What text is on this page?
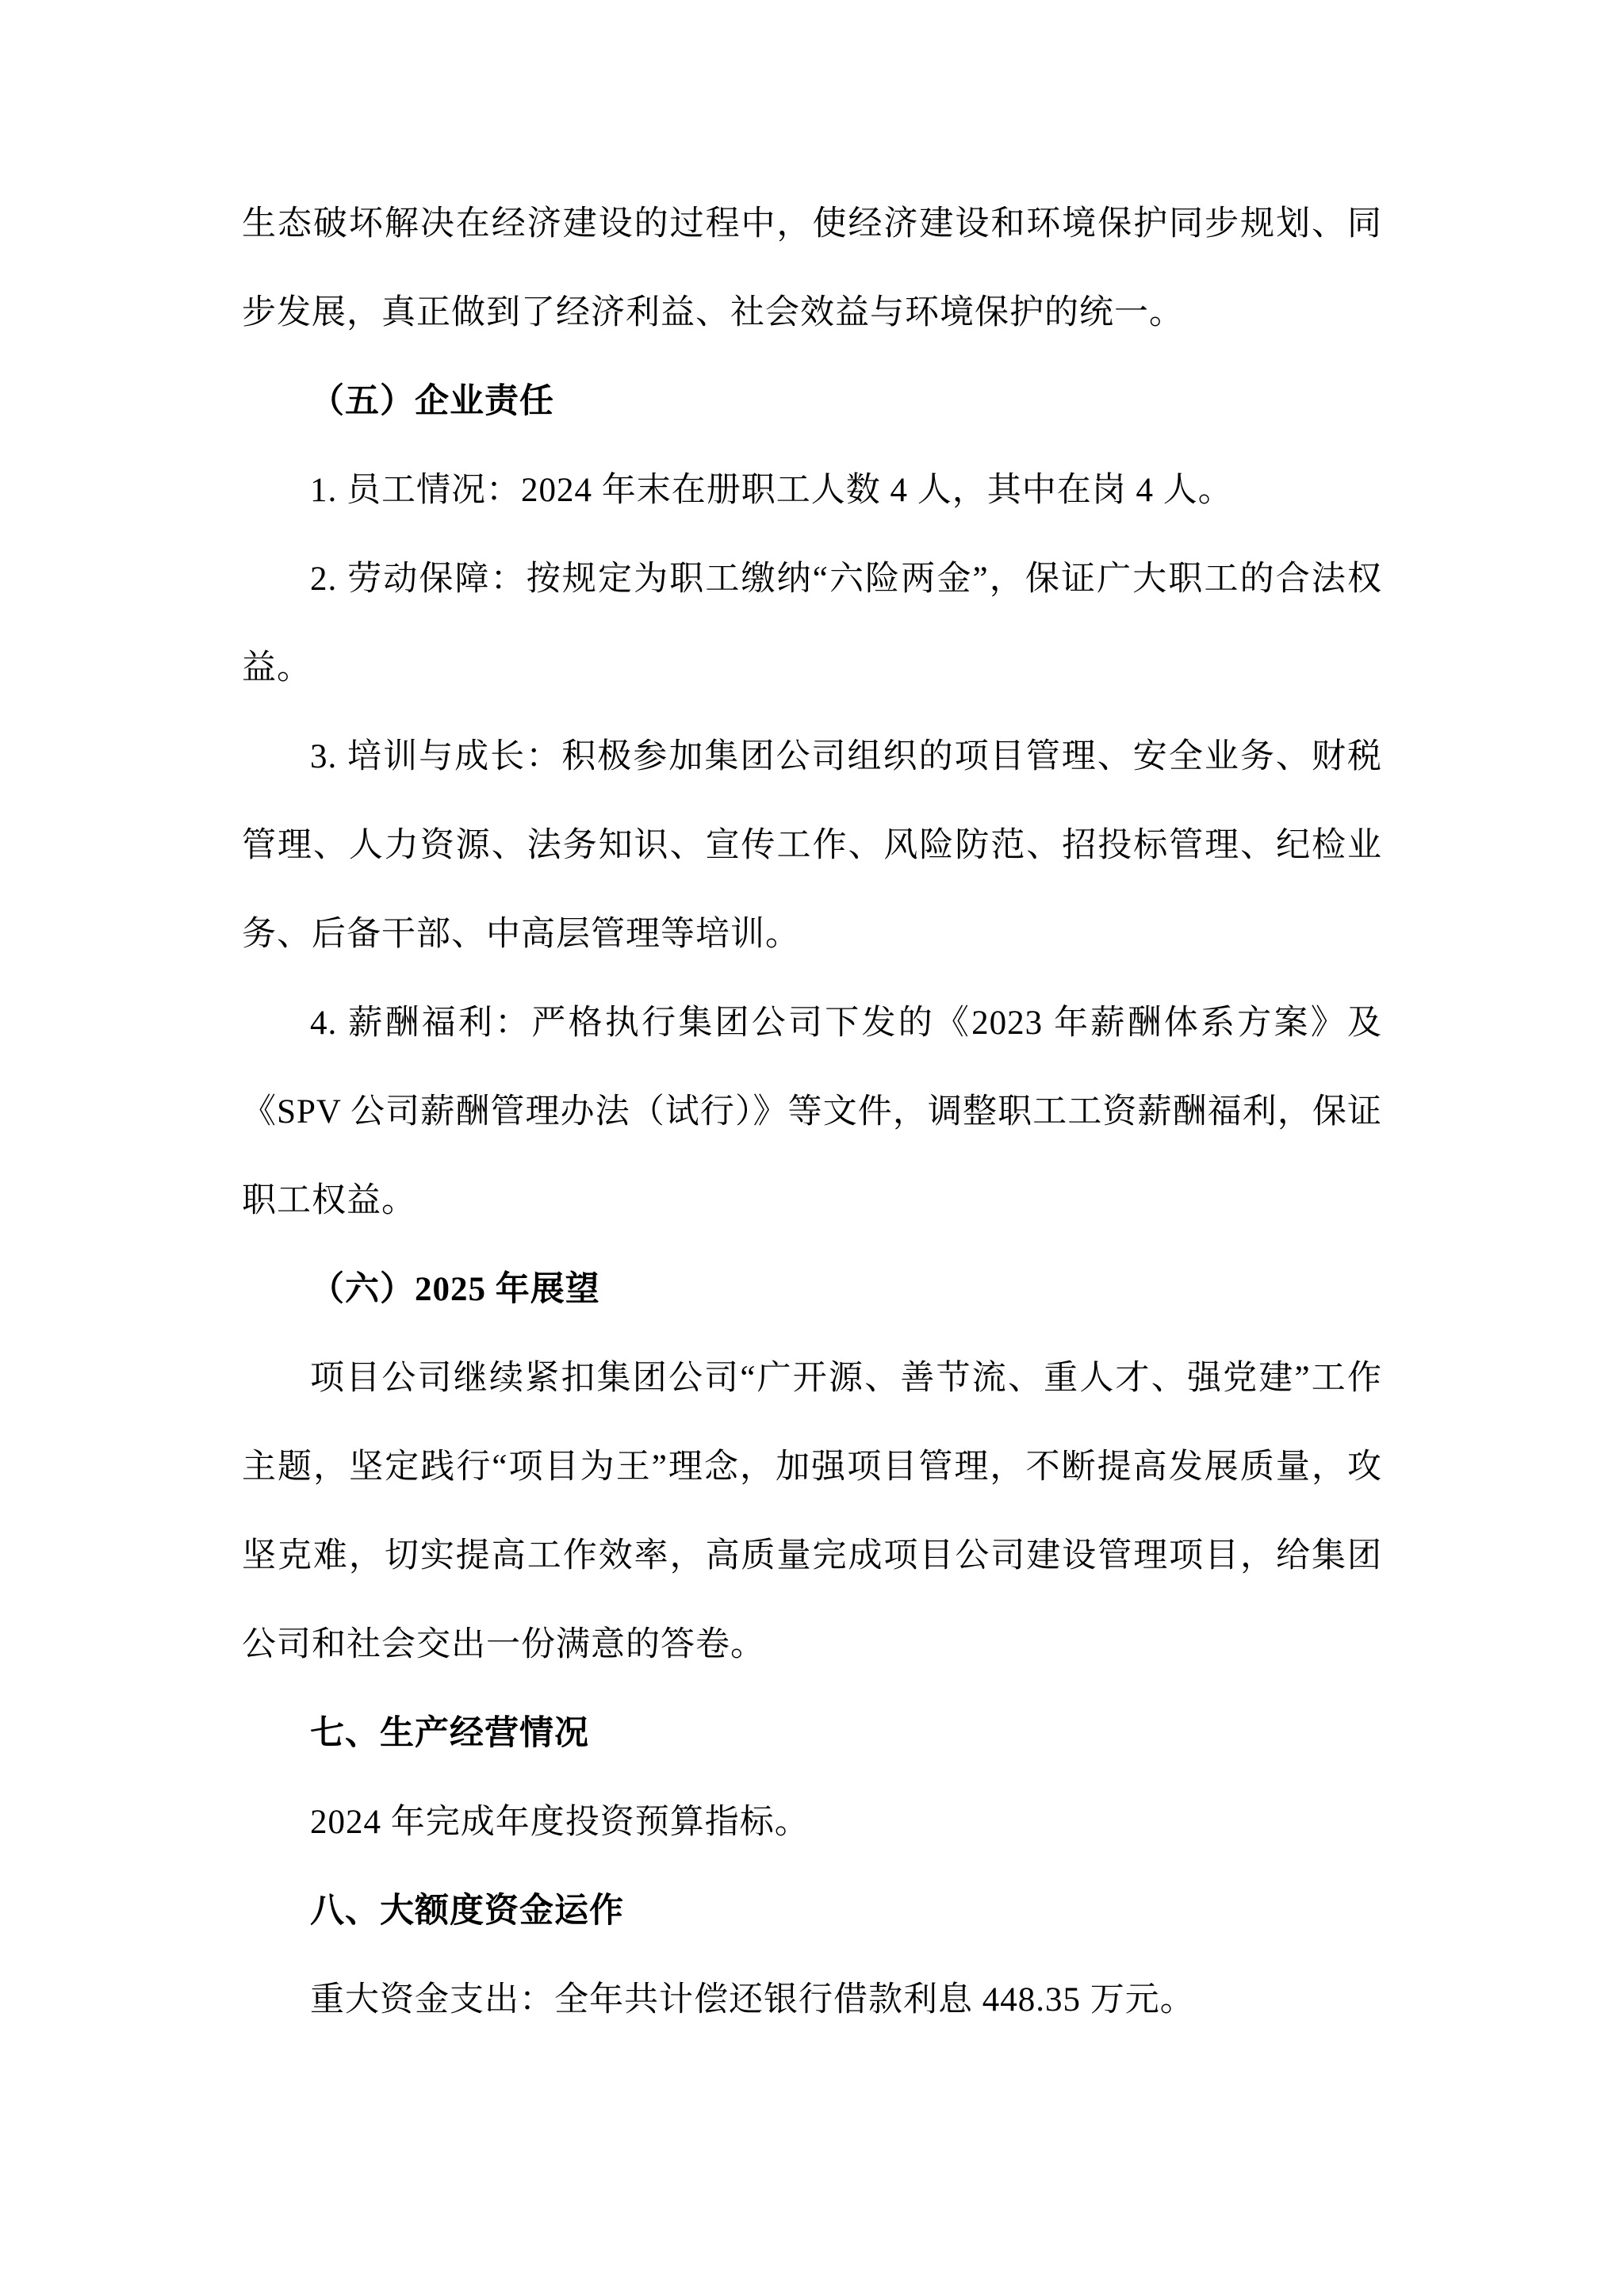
生态破坏解决在经济建设的过程中，使经济建设和环境保护同步规划、同步发展，真正做到了经济利益、社会效益与环境保护的统一。

（五）企业责任

1. 员工情况：2024 年末在册职工人数 4 人，其中在岗 4 人。

2. 劳动保障：按规定为职工缴纳“六险两金”，保证广大职工的合法权益。

3. 培训与成长：积极参加集团公司组织的项目管理、安全业务、财税管理、人力资源、法务知识、宣传工作、风险防范、招投标管理、纪检业务、后备干部、中高层管理等培训。

4. 薪酬福利：严格执行集团公司下发的《2023 年薪酬体系方案》及《SPV 公司薪酬管理办法（试行）》等文件，调整职工工资薪酬福利，保证职工权益。

（六）2025 年展望

项目公司继续紧扣集团公司“广开源、善节流、重人才、强党建”工作主题，坚定践行“项目为王”理念，加强项目管理，不断提高发展质量，攻坚克难，切实提高工作效率，高质量完成项目公司建设管理项目，给集团公司和社会交出一份满意的答卷。

七、生产经营情况

2024 年完成年度投资预算指标。

八、大额度资金运作

重大资金支出：全年共计偿还银行借款利息 448.35 万元。
